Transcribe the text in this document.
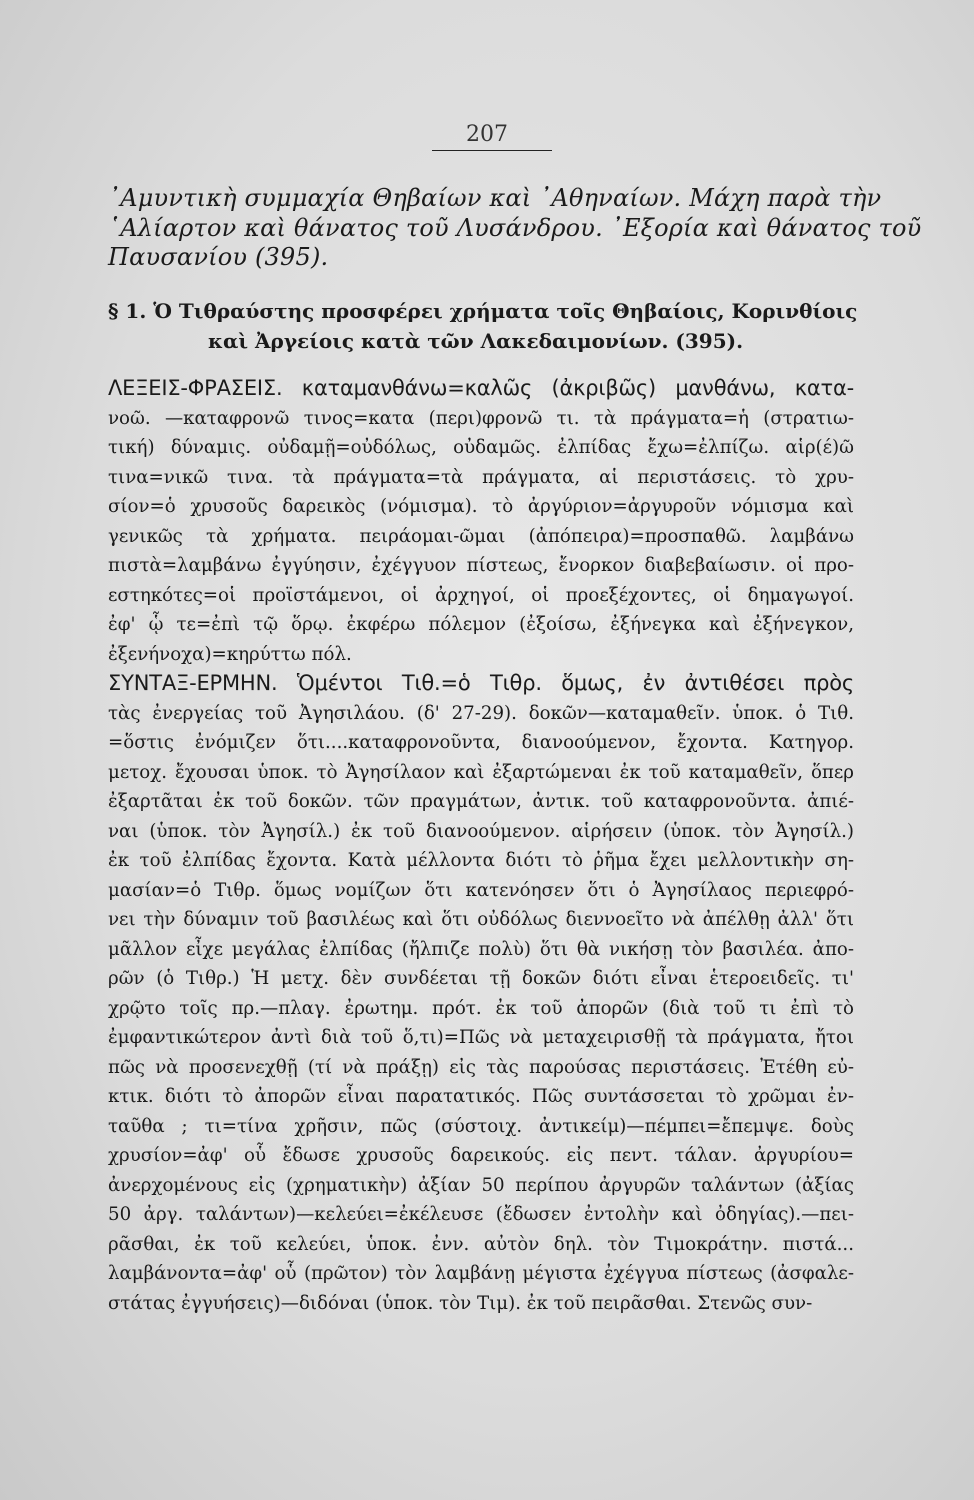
207
᾿Αμυντικὴ συμμαχία Θηβαίων καὶ ᾿Αθηναίων. Μάχη παρὰ τὴν
῾Αλίαρτον καὶ θάνατος τοῦ Λυσάνδρου. ᾿Εξορία καὶ θάνατος τοῦ
Παυσανίου (395).
§ 1. Ὁ Τιθραύστης προσφέρει χρήματα τοῖς Θηβαίοις, Κορινθίοις
καὶ Ἀργείοις κατὰ τῶν Λακεδαιμονίων. (395).
ΛΕΞΕΙΣ-ΦΡΑΣΕΙΣ. καταμανθάνω=καλῶς (ἀκριβῶς) μανθάνω, κατα-
νοῶ. —καταφρονῶ τινος=κατα (περι)φρονῶ τι. τὰ πράγματα=ἡ (στρατιω-
τική) δύναμις. οὐδαμῇ=οὐδόλως, οὐδαμῶς. ἐλπίδας ἔχω=ἐλπίζω. αἱρ(έ)ῶ
τινα=νικῶ τινα. τὰ πράγματα=τὰ πράγματα, αἱ περιστάσεις. τὸ χρυ-
σίον=ὁ χρυσοῦς δαρεικὸς (νόμισμα). τὸ ἀργύριον=ἀργυροῦν νόμισμα καὶ
γενικῶς τὰ χρήματα. πειράομαι-ῶμαι (ἀπόπειρα)=προσπαθῶ. λαμβάνω
πιστὰ=λαμβάνω ἐγγύησιν, ἐχέγγυον πίστεως, ἔνορκον διαβεβαίωσιν. οἱ προ-
εστηκότες=οἱ προϊστάμενοι, οἱ ἀρχηγοί, οἱ προεξέχοντες, οἱ δημαγωγοί.
ἐφ' ᾧ τε=ἐπὶ τῷ ὅρῳ. ἐκφέρω πόλεμον (ἐξοίσω, ἐξήνεγκα καὶ ἐξήνεγκον,
ἐξενήνοχα)=κηρύττω πόλ.
ΣΥΝΤΑΞ-ΕΡΜΗΝ. Ὁμέντοι Τιθ.=ὁ Τιθρ. ὅμως, ἐν ἀντιθέσει πρὸς
τὰς ἐνεργείας τοῦ Ἀγησιλάου. (δ' 27-29). δοκῶν—καταμαθεῖν. ὑποκ. ὁ Τιθ.
=ὅστις ἐνόμιζεν ὅτι....καταφρονοῦντα, διανοούμενον, ἔχοντα. Κατηγορ.
μετοχ. ἔχουσαι ὑποκ. τὸ Ἀγησίλαον καὶ ἐξαρτώμεναι ἐκ τοῦ καταμαθεῖν, ὅπερ
ἐξαρτᾶται ἐκ τοῦ δοκῶν. τῶν πραγμάτων, ἀντικ. τοῦ καταφρονοῦντα. ἀπιέ-
ναι (ὑποκ. τὸν Ἀγησίλ.) ἐκ τοῦ διανοούμενον. αἱρήσειν (ὑποκ. τὸν Ἀγησίλ.)
ἐκ τοῦ ἐλπίδας ἔχοντα. Κατὰ μέλλοντα διότι τὸ ῥῆμα ἔχει μελλοντικὴν ση-
μασίαν=ὁ Τιθρ. ὅμως νομίζων ὅτι κατενόησεν ὅτι ὁ Ἀγησίλαος περιεφρό-
νει τὴν δύναμιν τοῦ βασιλέως καὶ ὅτι οὐδόλως διεννοεῖτο νὰ ἀπέλθῃ ἀλλ' ὅτι
μᾶλλον εἶχε μεγάλας ἐλπίδας (ἤλπιζε πολὺ) ὅτι θὰ νικήσῃ τὸν βασιλέα. ἀπο-
ρῶν (ὁ Τιθρ.) Ἡ μετχ. δὲν συνδέεται τῇ δοκῶν διότι εἶναι ἑτεροειδεῖς. τι'
χρῷτο τοῖς πρ.—πλαγ. ἐρωτημ. πρότ. ἐκ τοῦ ἀπορῶν (διὰ τοῦ τι ἐπὶ τὸ
ἐμφαντικώτερον ἀντὶ διὰ τοῦ ὅ,τι)=Πῶς νὰ μεταχειρισθῇ τὰ πράγματα, ἤτοι
πῶς νὰ προσενεχθῇ (τί νὰ πράξῃ) εἰς τὰς παρούσας περιστάσεις. Ἐτέθη εὐ-
κτικ. διότι τὸ ἀπορῶν εἶναι παρατατικός. Πῶς συντάσσεται τὸ χρῶμαι ἐν-
ταῦθα ; τι=τίνα χρῆσιν, πῶς (σύστοιχ. ἀντικείμ)—πέμπει=ἔπεμψε. δοὺς
χρυσίον=ἀφ' οὗ ἔδωσε χρυσοῦς δαρεικούς. εἰς πεντ. τάλαν. ἀργυρίου=
ἀνερχομένους εἰς (χρηματικὴν) ἀξίαν 50 περίπου ἀργυρῶν ταλάντων (ἀξίας
50 ἀργ. ταλάντων)—κελεύει=ἐκέλευσε (ἔδωσεν ἐντολὴν καὶ ὀδηγίας).—πει-
ρᾶσθαι, ἐκ τοῦ κελεύει, ὑποκ. ἐνν. αὐτὸν δηλ. τὸν Τιμοκράτην. πιστά...
λαμβάνοντα=ἀφ' οὗ (πρῶτον) τὸν λαμβάνῃ μέγιστα ἐχέγγυα πίστεως (ἀσφαλε-
στάτας ἐγγυήσεις)—διδόναι (ὑποκ. τὸν Τιμ). ἐκ τοῦ πειρᾶσθαι. Στενῶς συν-
